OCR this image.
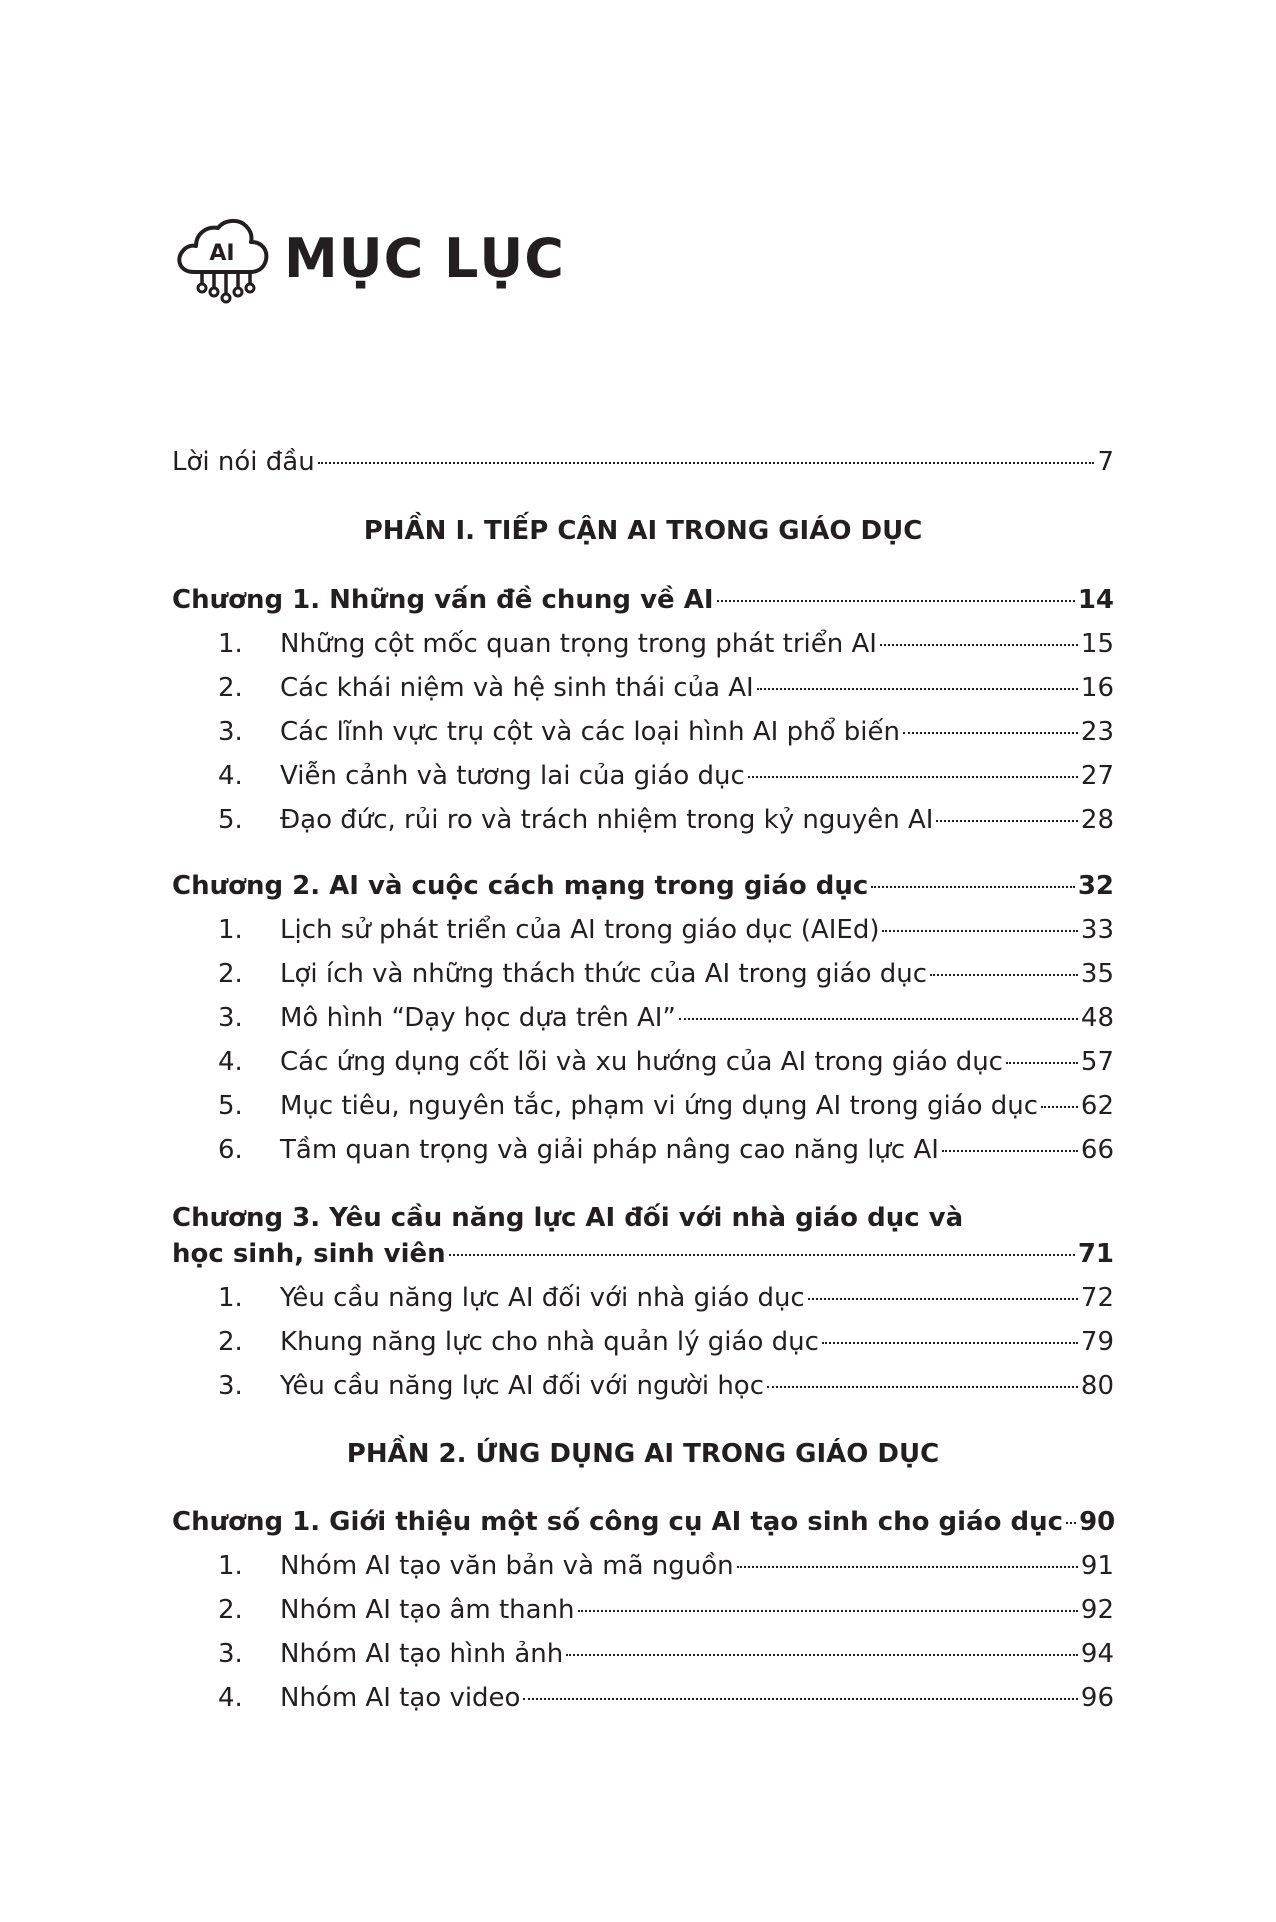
AI MỤC LỤC
Lời nói đầu	7
PHẦN I. TIẾP CẬN AI TRONG GIÁO DỤC
Chương 1. Những vấn đề chung về AI	14
1.	Những cột mốc quan trọng trong phát triển AI	15
2.	Các khái niệm và hệ sinh thái của AI	16
3.	Các lĩnh vực trụ cột và các loại hình AI phổ biến	23
4.	Viễn cảnh và tương lai của giáo dục	27
5.	Đạo đức, rủi ro và trách nhiệm trong kỷ nguyên AI	28
Chương 2. AI và cuộc cách mạng trong giáo dục	32
1.	Lịch sử phát triển của AI trong giáo dục (AIEd)	33
2.	Lợi ích và những thách thức của AI trong giáo dục	35
3.	Mô hình “Dạy học dựa trên AI”	48
4.	Các ứng dụng cốt lõi và xu hướng của AI trong giáo dục	57
5.	Mục tiêu, nguyên tắc, phạm vi ứng dụng AI trong giáo dục 62
6.	Tầm quan trọng và giải pháp nâng cao năng lực AI	66
Chương 3. Yêu cầu năng lực AI đối với nhà giáo dục và
học sinh, sinh viên	71
1.	Yêu cầu năng lực AI đối với nhà giáo dục	72
2.	Khung năng lực cho nhà quản lý giáo dục	79
3.	Yêu cầu năng lực AI đối với người học	80
PHẦN 2. ỨNG DỤNG AI TRONG GIÁO DỤC
Chương 1. Giới thiệu một số công cụ AI tạo sinh cho giáo dục 90
1.	Nhóm AI tạo văn bản và mã nguồn	91
2.	Nhóm AI tạo âm thanh	92
3.	Nhóm AI tạo hình ảnh	94
4.	Nhóm AI tạo video	96
